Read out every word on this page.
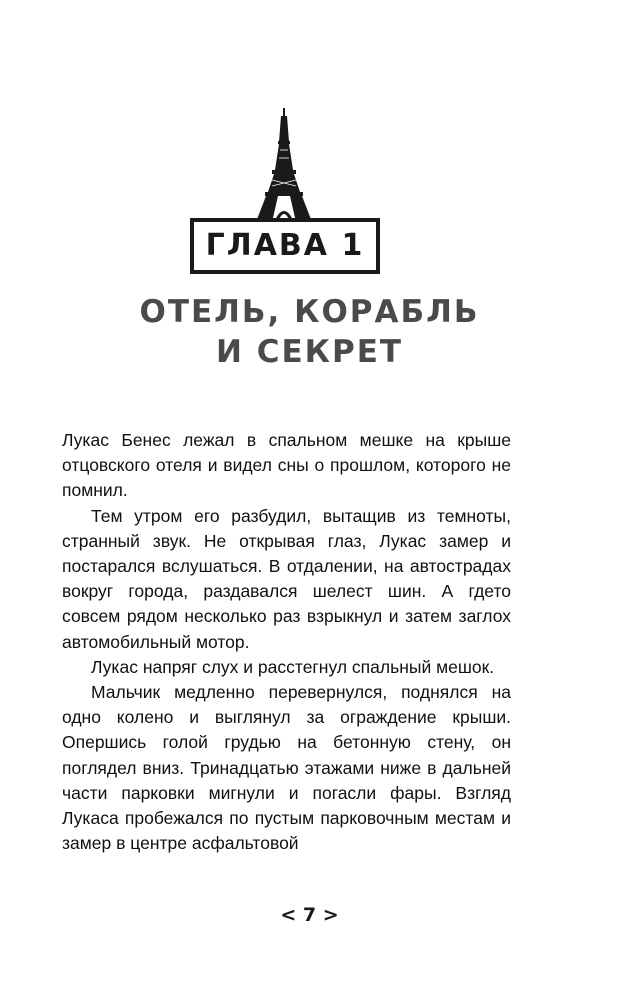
ГЛАВА 1
ОТЕЛЬ, КОРАБЛЬ
И СЕКРЕТ

Лукас Бенес лежал в спальном мешке на крыше отцовского отеля и видел сны о прошлом, которого не помнил.

Тем утром его разбудил, вытащив из темноты, странный звук. Не открывая глаз, Лукас замер и постарался вслушаться. В отдалении, на автострадах вокруг города, раздавался шелест шин. А гдето совсем рядом несколько раз взрыкнул и затем заглох автомобильный мотор.

Лукас напряг слух и расстегнул спальный мешок.

Мальчик медленно перевернулся, поднялся на одно колено и выглянул за ограждение крыши. Опершись голой грудью на бетонную стену, он поглядел вниз. Тринадцатью этажами ниже в дальней части парковки мигнули и погасли фары. Взгляд Лукаса пробежался по пустым парковочным местам и замер в центре асфальтовой

< 7 >
